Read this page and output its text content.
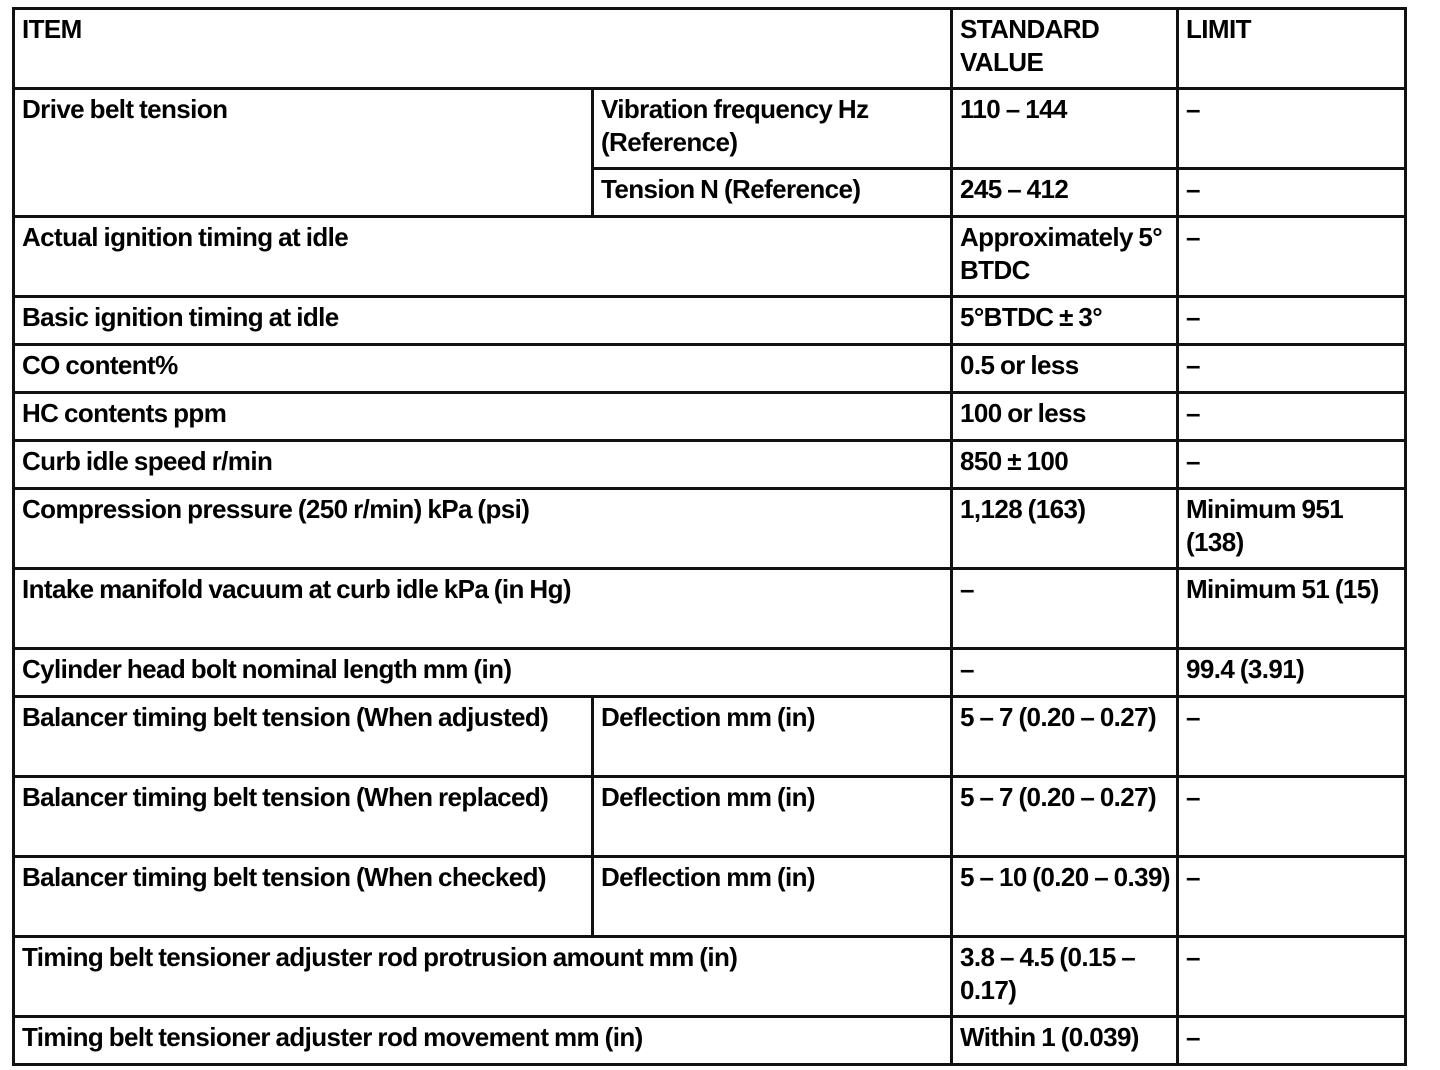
ITEM		STANDARD VALUE	LIMIT
Drive belt tension	Vibration frequency Hz (Reference)	110 – 144	–
	Tension N (Reference)	245 – 412	–
Actual ignition timing at idle		Approximately 5° BTDC	–
Basic ignition timing at idle		5°BTDC ± 3°	–
CO content%		0.5 or less	–
HC contents ppm		100 or less	–
Curb idle speed r/min		850 ± 100	–
Compression pressure (250 r/min) kPa (psi)		1,128 (163)	Minimum 951 (138)
Intake manifold vacuum at curb idle kPa (in Hg)		–	Minimum 51 (15)
Cylinder head bolt nominal length mm (in)		–	99.4 (3.91)
Balancer timing belt tension (When adjusted)	Deflection mm (in)	5 – 7 (0.20 – 0.27)	–
Balancer timing belt tension (When replaced)	Deflection mm (in)	5 – 7 (0.20 – 0.27)	–
Balancer timing belt tension (When checked)	Deflection mm (in)	5 – 10 (0.20 – 0.39)	–
Timing belt tensioner adjuster rod protrusion amount mm (in)		3.8 – 4.5 (0.15 – 0.17)	–
Timing belt tensioner adjuster rod movement mm (in)		Within 1 (0.039)	–
